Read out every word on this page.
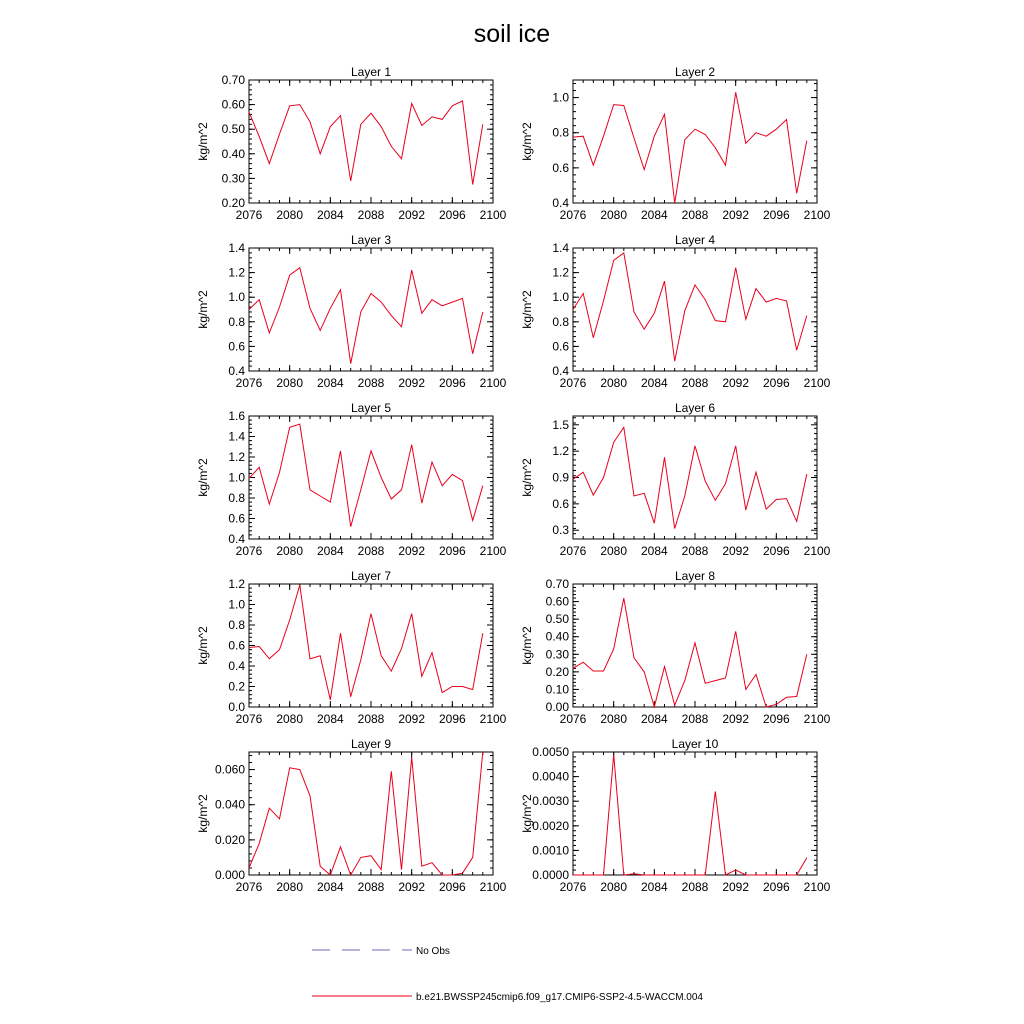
soil ice
Layer 1
kg/m^2
2076 2080 2084 2088 2092 2096 2100
0.20
0.30
0.40
0.50
0.60
0.70
Layer 2
kg/m^2
2076 2080 2084 2088 2092 2096 2100
0.4
0.6
0.8
1.0
Layer 3
kg/m^2
2076 2080 2084 2088 2092 2096 2100
0.4
0.6
0.8
1.0
1.2
1.4
Layer 4
kg/m^2
2076 2080 2084 2088 2092 2096 2100
0.4
0.6
0.8
1.0
1.2
1.4
Layer 5
kg/m^2
2076 2080 2084 2088 2092 2096 2100
0.4
0.6
0.8
1.0
1.2
1.4
1.6
Layer 6
kg/m^2
2076 2080 2084 2088 2092 2096 2100
0.3
0.6
0.9
1.2
1.5
Layer 7
kg/m^2
2076 2080 2084 2088 2092 2096 2100
0.0
0.2
0.4
0.6
0.8
1.0
1.2
Layer 8
kg/m^2
2076 2080 2084 2088 2092 2096 2100
0.00
0.10
0.20
0.30
0.40
0.50
0.60
0.70
Layer 9
kg/m^2
2076 2080 2084 2088 2092 2096 2100
0.000
0.020
0.040
0.060
Layer 10
kg/m^2
2076 2080 2084 2088 2092 2096 2100
0.0000
0.0010
0.0020
0.0030
0.0040
0.0050
No Obs
b.e21.BWSSP245cmip6.f09_g17.CMIP6-SSP2-4.5-WACCM.004
